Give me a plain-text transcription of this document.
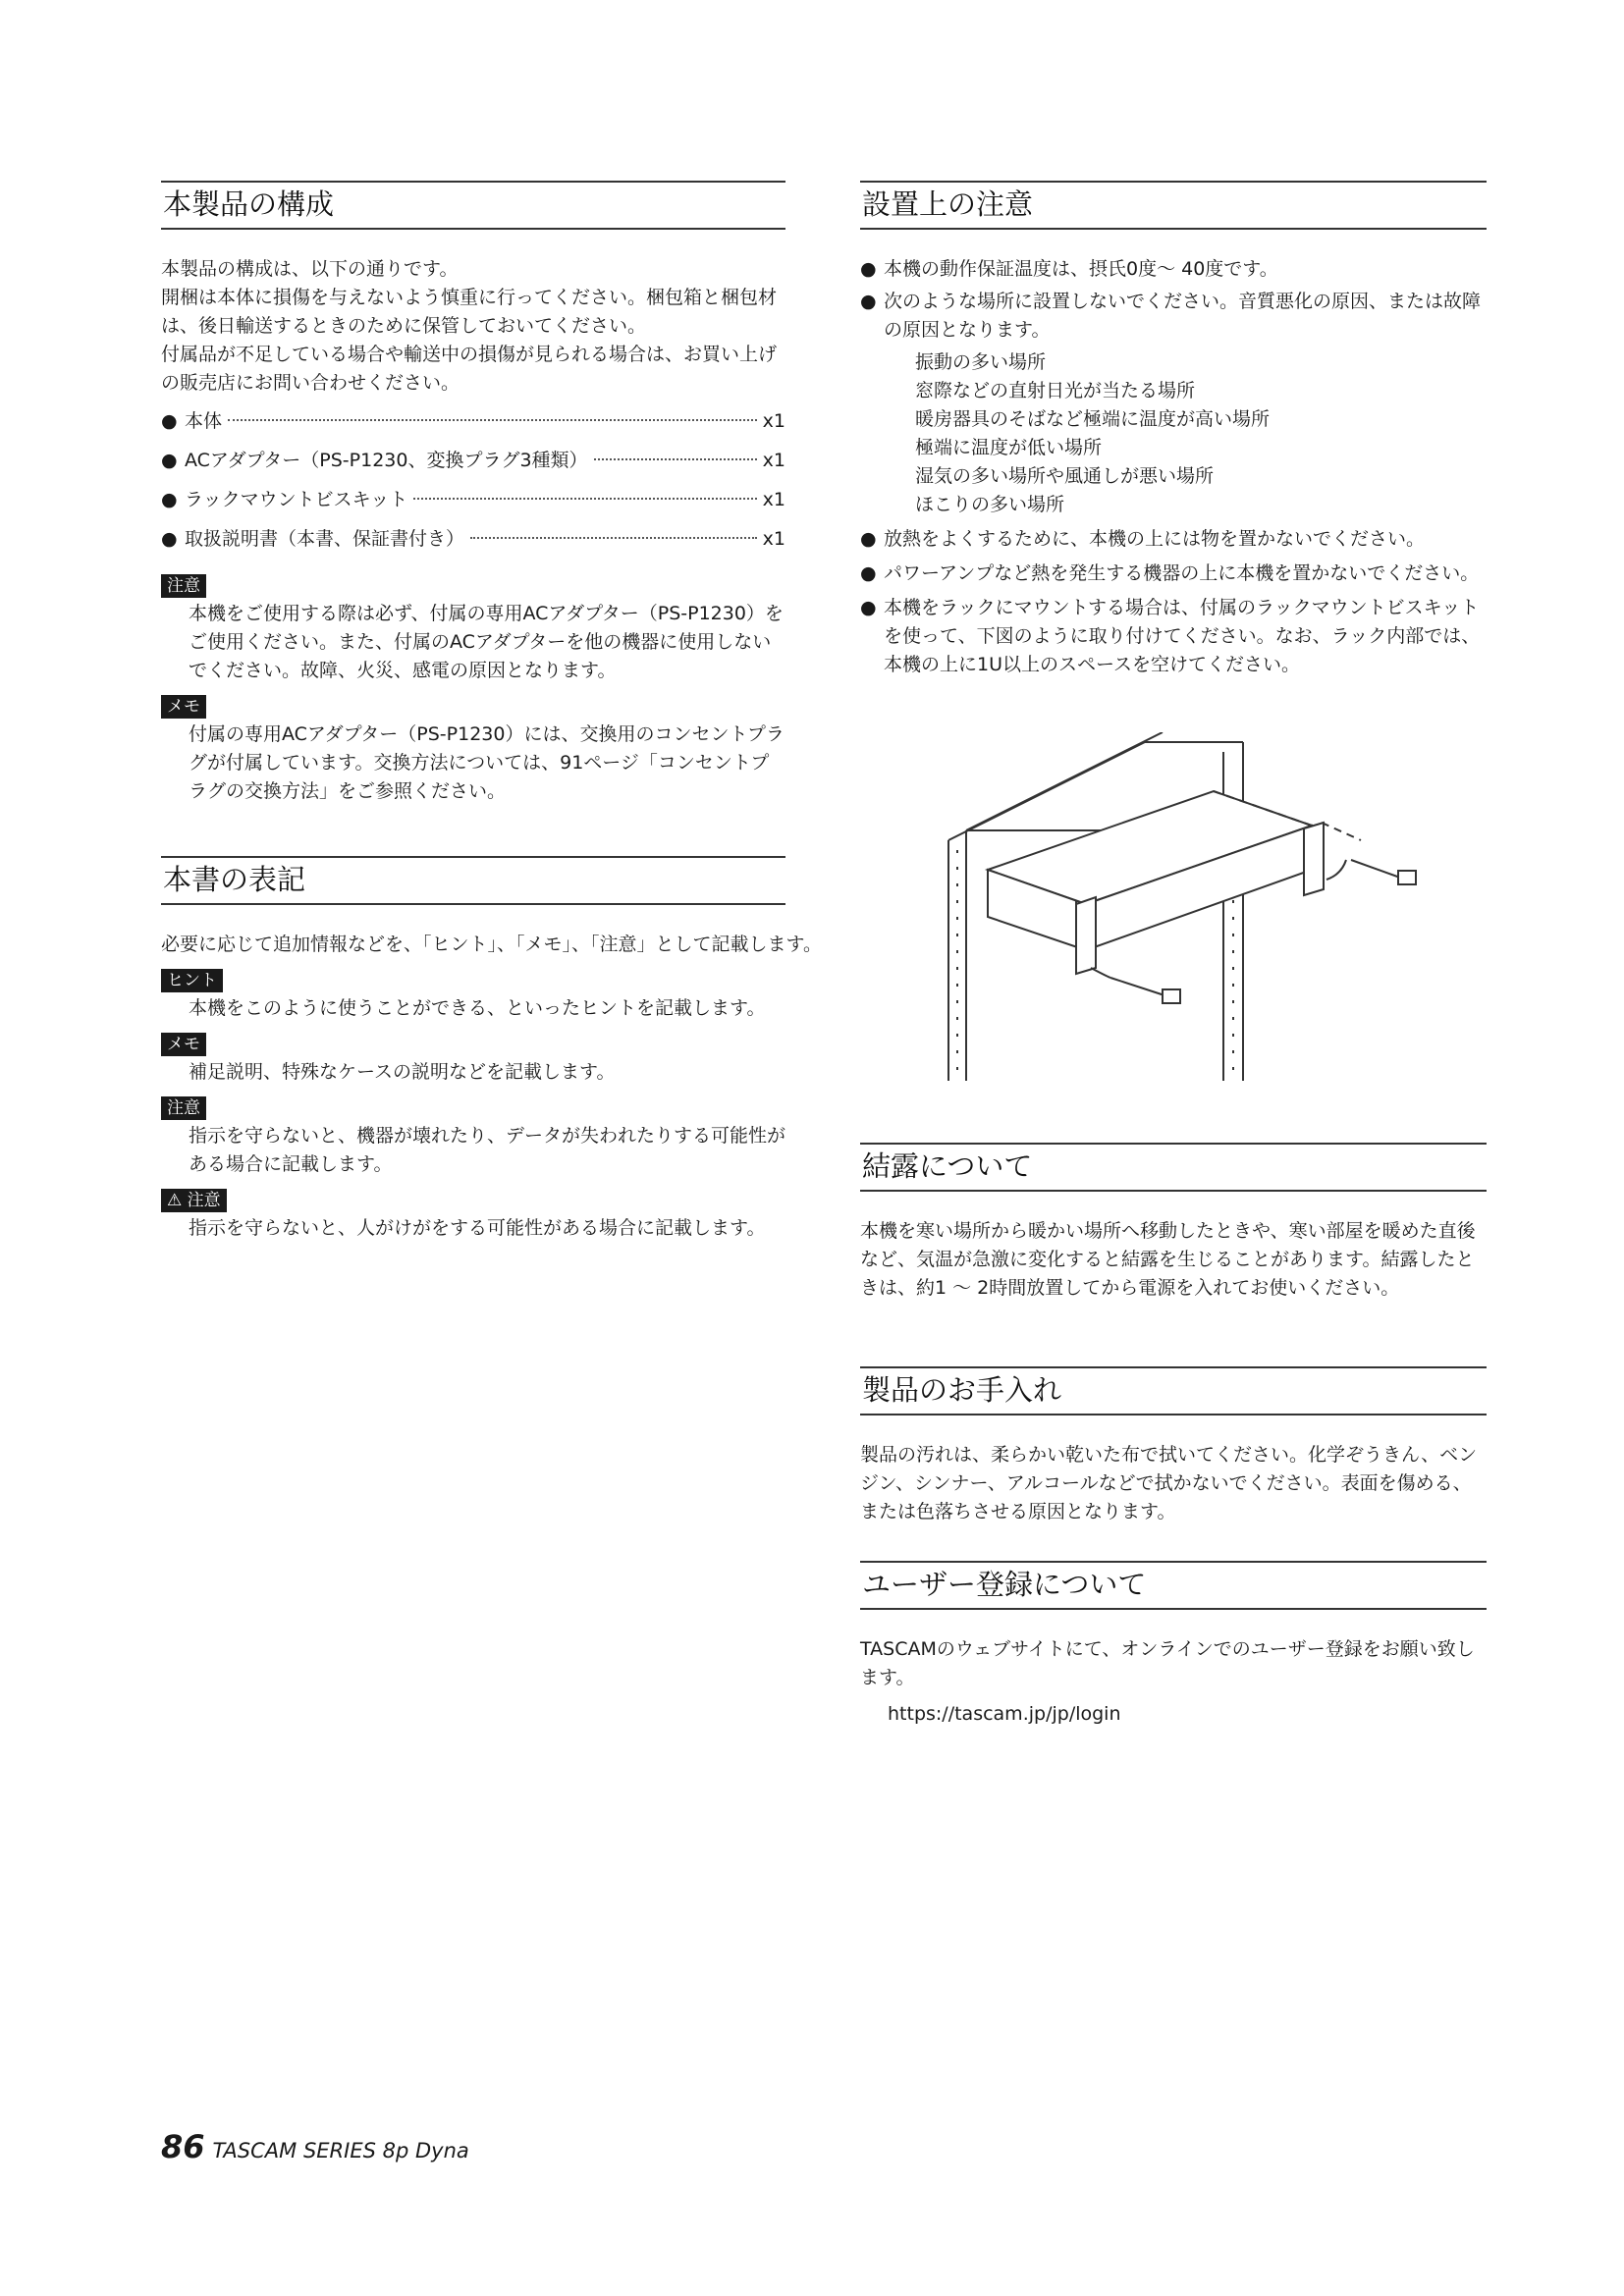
本製品の構成

本製品の構成は、以下の通りです。

開梱は本体に損傷を与えないよう慎重に行ってください。梱包箱と梱包材は、後日輸送するときのために保管しておいてください。

付属品が不足している場合や輸送中の損傷が見られる場合は、お買い上げの販売店にお問い合わせください。

● 本体	x1
● ACアダプター（PS-P1230、変換プラグ3種類）	x1
● ラックマウントビスキット	x1
● 取扱説明書（本書、保証書付き）	x1
注意

本機をご使用する際は必ず、付属の専用ACアダプター（PS-P1230）をご使用ください。また、付属のACアダプターを他の機器に使用しないでください。故障、火災、感電の原因となります。

メモ

付属の専用ACアダプター（PS-P1230）には、交換用のコンセントプラグが付属しています。交換方法については、91ページ「コンセントプラグの交換方法」をご参照ください。

本書の表記

必要に応じて追加情報などを、「ヒント」、「メモ」、「注意」として記載します。

ヒント

本機をこのように使うことができる、といったヒントを記載します。

メモ

補足説明、特殊なケースの説明などを記載します。

注意

指示を守らないと、機器が壊れたり、データが失われたりする可能性がある場合に記載します。

⚠ 注意

指示を守らないと、人がけがをする可能性がある場合に記載します。

設置上の注意
● 本機の動作保証温度は、摂氏0度～ 40度です。
● 次のような場所に設置しないでください。音質悪化の原因、または故障の原因となります。
振動の多い場所
窓際などの直射日光が当たる場所
暖房器具のそばなど極端に温度が高い場所
極端に温度が低い場所
湿気の多い場所や風通しが悪い場所
ほこりの多い場所
● 放熱をよくするために、本機の上には物を置かないでください。
● パワーアンプなど熱を発生する機器の上に本機を置かないでください。
● 本機をラックにマウントする場合は、付属のラックマウントビスキットを使って、下図のように取り付けてください。なお、ラック内部では、本機の上に1U以上のスペースを空けてください。
結露について

本機を寒い場所から暖かい場所へ移動したときや、寒い部屋を暖めた直後など、気温が急激に変化すると結露を生じることがあります。結露したときは、約1 ～ 2時間放置してから電源を入れてお使いください。

製品のお手入れ

製品の汚れは、柔らかい乾いた布で拭いてください。化学ぞうきん、ベンジン、シンナー、アルコールなどで拭かないでください。表面を傷める、または色落ちさせる原因となります。

ユーザー登録について

TASCAMのウェブサイトにて、オンラインでのユーザー登録をお願い致します。

https://tascam.jp/jp/login
86 TASCAM SERIES 8p Dyna
